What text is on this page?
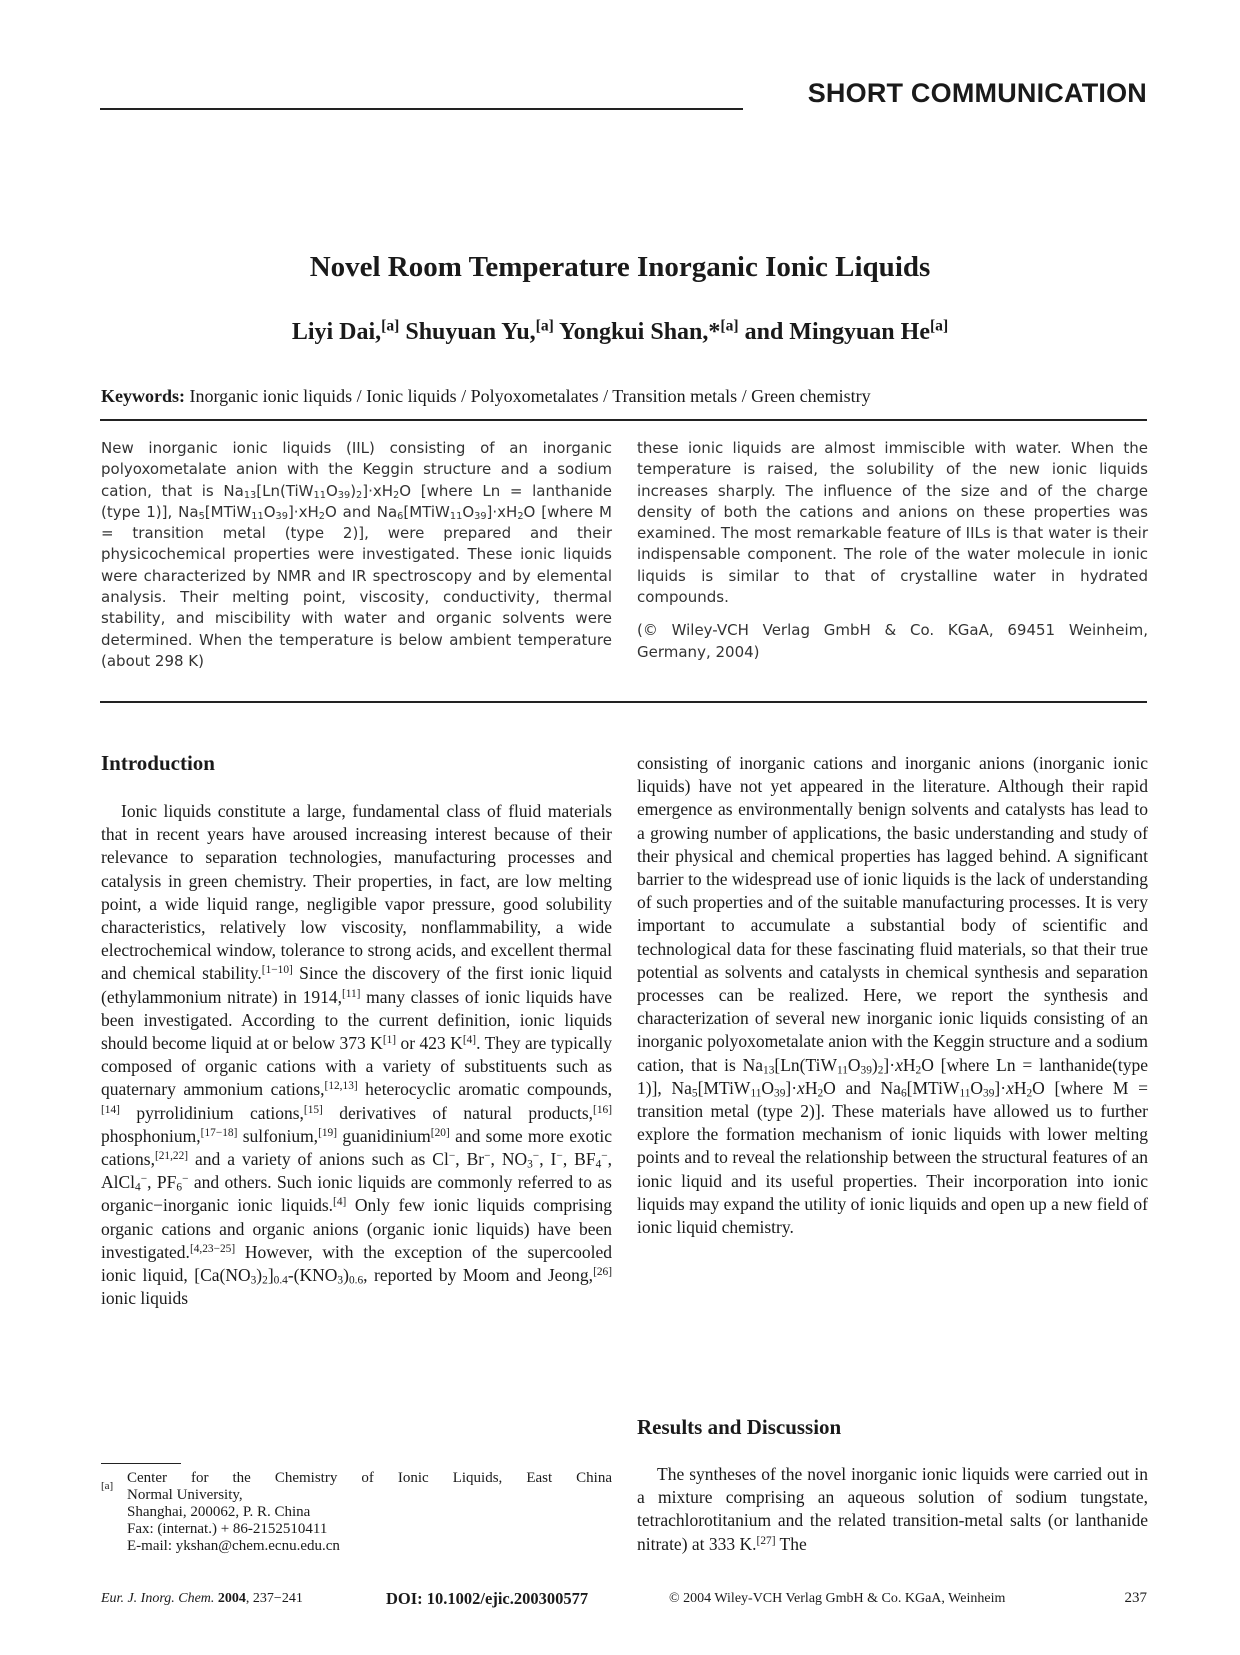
SHORT COMMUNICATION
Novel Room Temperature Inorganic Ionic Liquids
Liyi Dai,[a] Shuyuan Yu,[a] Yongkui Shan,*[a] and Mingyuan He[a]
Keywords: Inorganic ionic liquids / Ionic liquids / Polyoxometalates / Transition metals / Green chemistry

New inorganic ionic liquids (IIL) consisting of an inorganic polyoxometalate anion with the Keggin structure and a sodium cation, that is $Na_{13}[Ln(TiW_{11}O_{39})_2]\cdot xH_2O$ [where Ln = lanthanide (type 1)], $Na_5[MTiW_{11}O_{39}]\cdot xH_2O$ and $Na_6[MTiW_{11}O_{39}]\cdot xH_2O$ [where M = transition metal (type 2)], were prepared and their physicochemical properties were investigated. These ionic liquids were characterized by NMR and IR spectroscopy and by elemental analysis. Their melting point, viscosity, conductivity, thermal stability, and miscibility with water and organic solvents were determined. When the temperature is below ambient temperature (about 298 K)

these ionic liquids are almost immiscible with water. When the temperature is raised, the solubility of the new ionic liquids increases sharply. The influence of the size and of the charge density of both the cations and anions on these properties was examined. The most remarkable feature of IILs is that water is their indispensable component. The role of the water molecule in ionic liquids is similar to that of crystalline water in hydrated compounds.

(© Wiley-VCH Verlag GmbH & Co. KGaA, 69451 Weinheim, Germany, 2004)

Introduction

Ionic liquids constitute a large, fundamental class of fluid materials that in recent years have aroused increasing interest because of their relevance to separation technologies, manufacturing processes and catalysis in green chemistry. Their properties, in fact, are low melting point, a wide liquid range, negligible vapor pressure, good solubility characteristics, relatively low viscosity, nonflammability, a wide electrochemical window, tolerance to strong acids, and excellent thermal and chemical stability.[1−10] Since the discovery of the first ionic liquid (ethylammonium nitrate) in 1914,[11] many classes of ionic liquids have been investigated. According to the current definition, ionic liquids should become liquid at or below 373 K[1] or 423 K[4]. They are typically composed of organic cations with a variety of substituents such as quaternary ammonium cations,[12,13] heterocyclic aromatic compounds,[14] pyrrolidinium cations,[15] derivatives of natural products,[16] phosphonium,[17−18] sulfonium,[19] guanidinium[20] and some more exotic cations,[21,22] and a variety of anions such as Cl−, Br−, $NO_3^-$, I−, $BF_4^-$, AlCl$_4$−, $PF_6^-$ and others. Such ionic liquids are commonly referred to as organic−inorganic ionic liquids.[4] Only few ionic liquids comprising organic cations and organic anions (organic ionic liquids) have been investigated.[4,23−25] However, with the exception of the supercooled ionic liquid, $[Ca(NO_3)_2]_{0.4}-(KNO_3)_{0.6}$, reported by Moom and Jeong,[26] ionic liquids

consisting of inorganic cations and inorganic anions (inorganic ionic liquids) have not yet appeared in the literature. Although their rapid emergence as environmentally benign solvents and catalysts has lead to a growing number of applications, the basic understanding and study of their physical and chemical properties has lagged behind. A significant barrier to the widespread use of ionic liquids is the lack of understanding of such properties and of the suitable manufacturing processes. It is very important to accumulate a substantial body of scientific and technological data for these fascinating fluid materials, so that their true potential as solvents and catalysts in chemical synthesis and separation processes can be realized. Here, we report the synthesis and characterization of several new inorganic ionic liquids consisting of an inorganic polyoxometalate anion with the Keggin structure and a sodium cation, that is $Na_{13}[Ln(TiW_{11}O_{39})_2]\cdot xH_2O$ [where Ln = lanthanide(type 1)], $Na_5[MTiW_{11}O_{39}]\cdot xH_2O$ and $Na_6[MTiW_{11}O_{39}]\cdot xH_2O$ [where M = transition metal (type 2)]. These materials have allowed us to further explore the formation mechanism of ionic liquids with lower melting points and to reveal the relationship between the structural features of an ionic liquid and its useful properties. Their incorporation into ionic liquids may expand the utility of ionic liquids and open up a new field of ionic liquid chemistry.

Results and Discussion

The syntheses of the novel inorganic ionic liquids were carried out in a mixture comprising an aqueous solution of sodium tungstate, tetrachlorotitanium and the related transition-metal salts (or lanthanide nitrate) at 333 K.[27] The

[a] Center for the Chemistry of Ionic Liquids, East China
Normal University,
Shanghai, 200062, P. R. China
Fax: (internat.) + 86-2152510411
E-mail: ykshan@chem.ecnu.edu.cn
Eur. J. Inorg. Chem. 2004, 237−241	DOI: 10.1002/ejic.200300577	© 2004 Wiley-VCH Verlag GmbH & Co. KGaA, Weinheim	237
